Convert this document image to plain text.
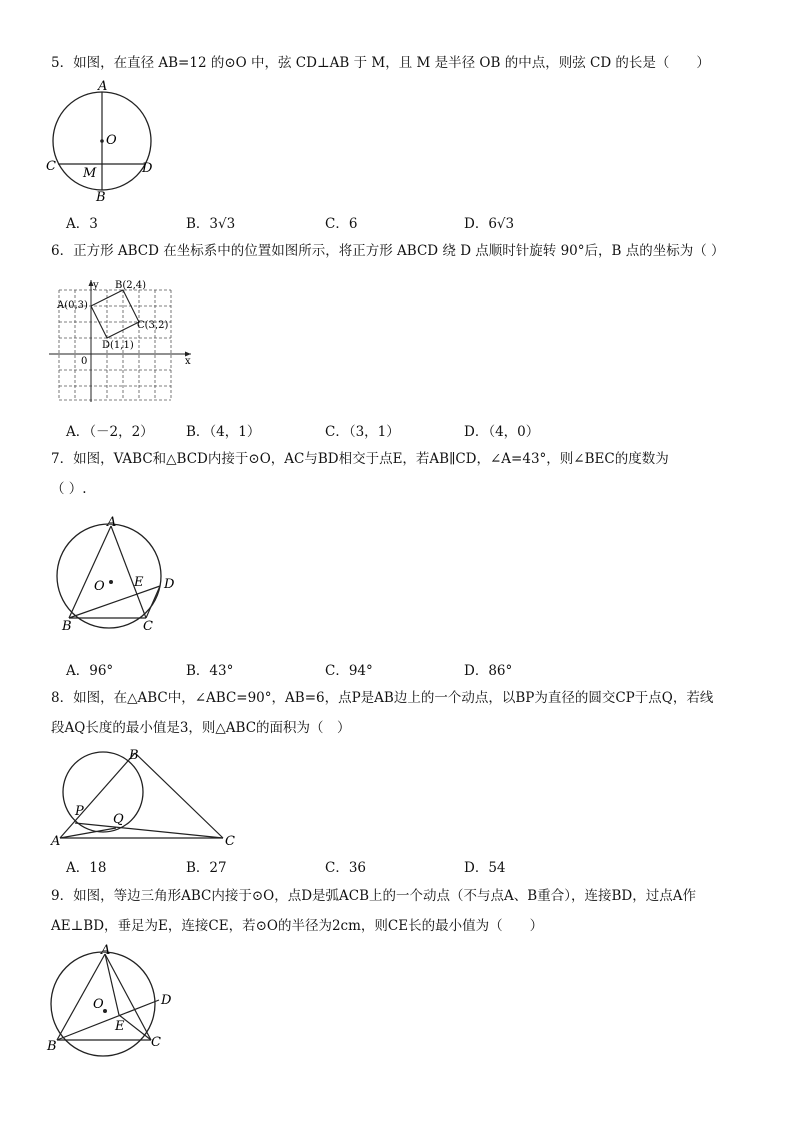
5．如图，在直径 AB=12 的⊙O 中，弦 CD⊥AB 于 M，且 M 是半径 OB 的中点，则弦 CD 的长是（　　）
A
O
C	D
M
B
A．3	B．3√3	C．6	D．6√3
6．正方形 ABCD 在坐标系中的位置如图所示，将正方形 ABCD 绕 D 点顺时针旋转 90°后，B 点的坐标为（ ）
y
x
0
A(0,3)
B(2,4)
C(3,2)
D(1,1)
A．（－2，2） B．（4，1）	C．（3，1）	D．（4，0）
7．如图，VABC和△BCD内接于⊙O，AC与BD相交于点E，若AB∥CD，∠A=43°，则∠BEC的度数为
（ ）.
A
O E D
B	C
A．96°	B．43°	C．94°	D．86°
8．如图，在△ABC中，∠ABC=90°，AB=6，点P是AB边上的一个动点，以BP为直径的圆交CP于点Q，若线
段AQ长度的最小值是3，则△ABC的面积为（　）
B
P
Q
A	C
A．18	B．27	C．36	D．54
9．如图，等边三角形ABC内接于⊙O，点D是弧ACB上的一个动点（不与点A、B重合），连接BD，过点A作
AE⊥BD，垂足为E，连接CE，若⊙O的半径为2cm，则CE长的最小值为（　　）
A
O	D
E
B	C
